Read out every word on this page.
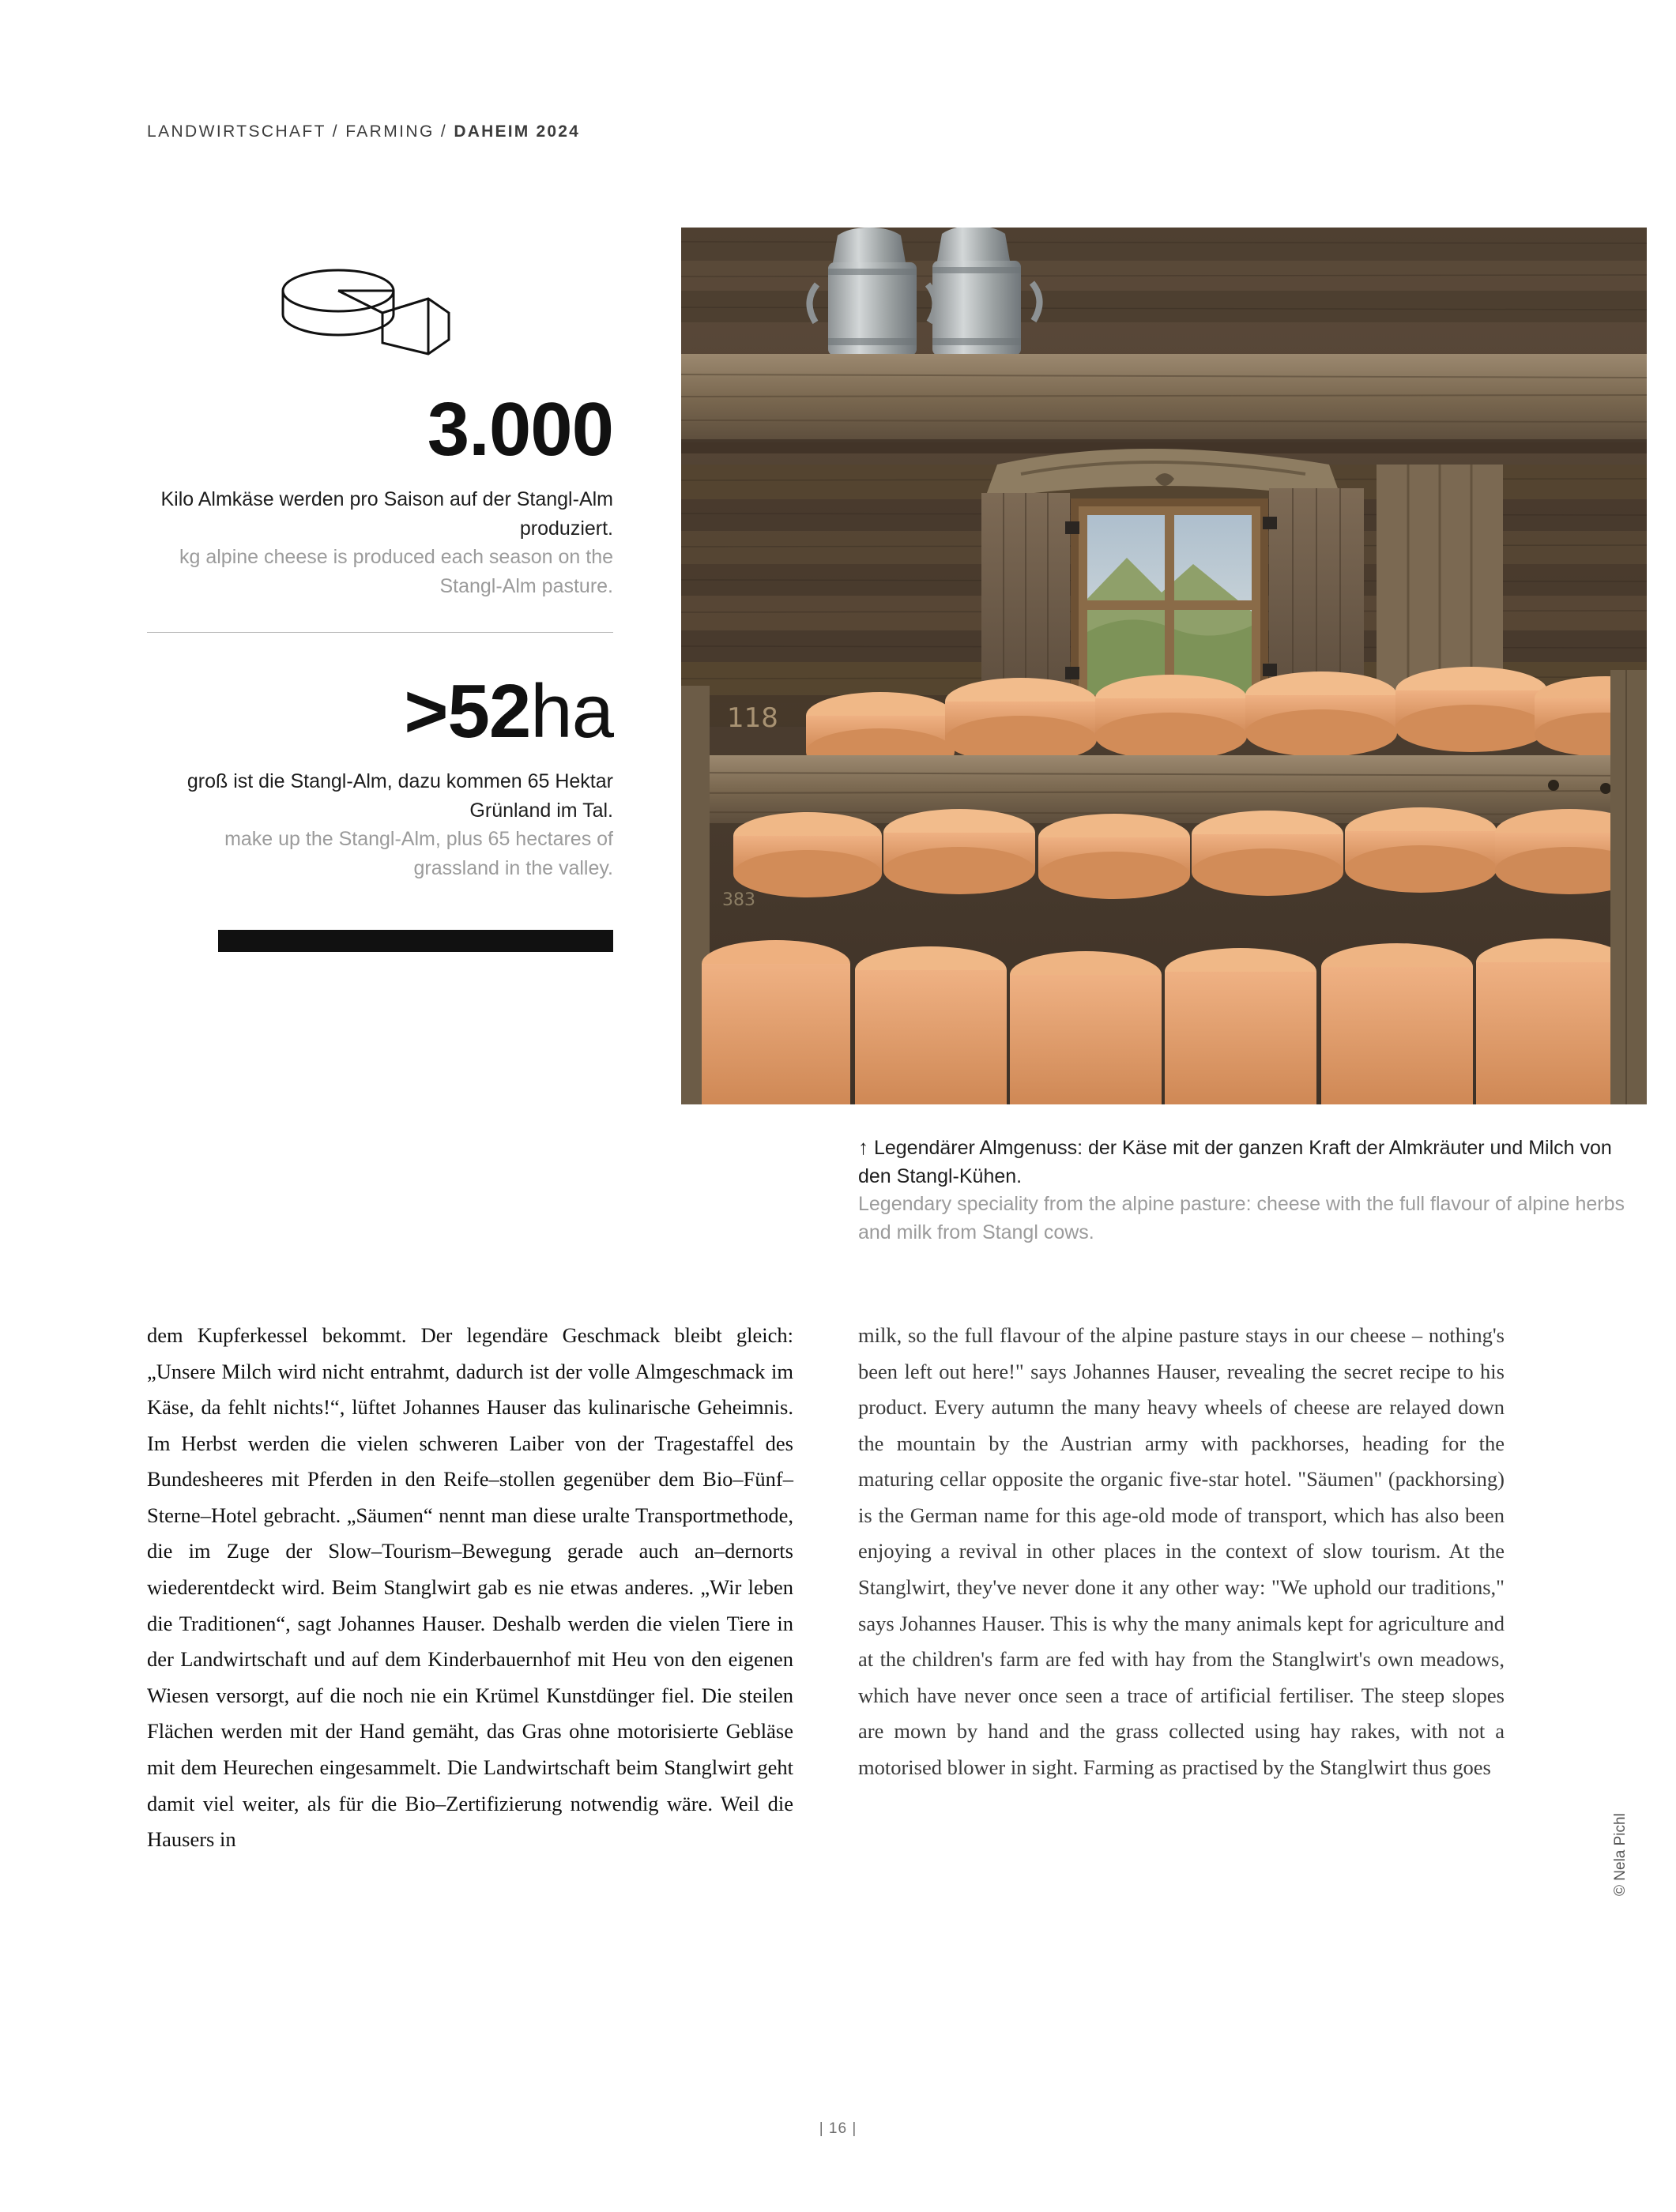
LANDWIRTSCHAFT / FARMING / DAHEIM 2024
3.000
Kilo Almkäse werden pro Saison auf der Stangl-Alm produziert.
kg alpine cheese is produced each season on the Stangl-Alm pasture.
>52ha
groß ist die Stangl-Alm, dazu kommen 65 Hektar Grünland im Tal.
make up the Stangl-Alm, plus 65 hectares of grassland in the valley.
118
383
↑ Legendärer Almgenuss: der Käse mit der ganzen Kraft der Almkräuter und Milch von den Stangl-Kühen.
Legendary speciality from the alpine pasture: cheese with the full flavour of alpine herbs and milk from Stangl cows.
dem Kupferkessel bekommt. Der legendäre Geschmack bleibt gleich: „Unsere Milch wird nicht entrahmt, dadurch ist der volle Almgeschmack im Käse, da fehlt nichts!“, lüftet Johannes Hauser das kulinarische Geheimnis. Im Herbst werden die vielen schweren Laiber von der Tragestaffel des Bundesheeres mit Pferden in den Reife–stollen gegenüber dem Bio–Fünf–Sterne–Hotel gebracht. „Säumen“ nennt man diese uralte Transportmethode, die im Zuge der Slow–Tourism–Bewegung gerade auch an–dernorts wiederentdeckt wird. Beim Stanglwirt gab es nie etwas anderes. „Wir leben die Traditionen“, sagt Johannes Hauser. Deshalb werden die vielen Tiere in der Landwirtschaft und auf dem Kinderbauernhof mit Heu von den eigenen Wiesen versorgt, auf die noch nie ein Krümel Kunstdünger fiel. Die steilen Flächen werden mit der Hand gemäht, das Gras ohne motorisierte Gebläse mit dem Heurechen eingesammelt. Die Landwirtschaft beim Stanglwirt geht damit viel weiter, als für die Bio–Zertifizierung notwendig wäre. Weil die Hausers in
milk, so the full flavour of the alpine pasture stays in our cheese – nothing's been left out here!" says Johannes Hauser, revealing the secret recipe to his product. Every autumn the many heavy wheels of cheese are relayed down the mountain by the Austrian army with packhorses, heading for the maturing cellar opposite the organic five-star hotel. "Säumen" (packhorsing) is the German name for this age-old mode of transport, which has also been enjoying a revival in other places in the context of slow tourism. At the Stanglwirt, they've never done it any other way: "We uphold our traditions," says Johannes Hauser. This is why the many animals kept for agriculture and at the children's farm are fed with hay from the Stanglwirt's own meadows, which have never once seen a trace of artificial fertiliser. The steep slopes are mown by hand and the grass collected using hay rakes, with not a motorised blower in sight. Farming as practised by the Stanglwirt thus goes
© Nela Pichl
| 16 |
